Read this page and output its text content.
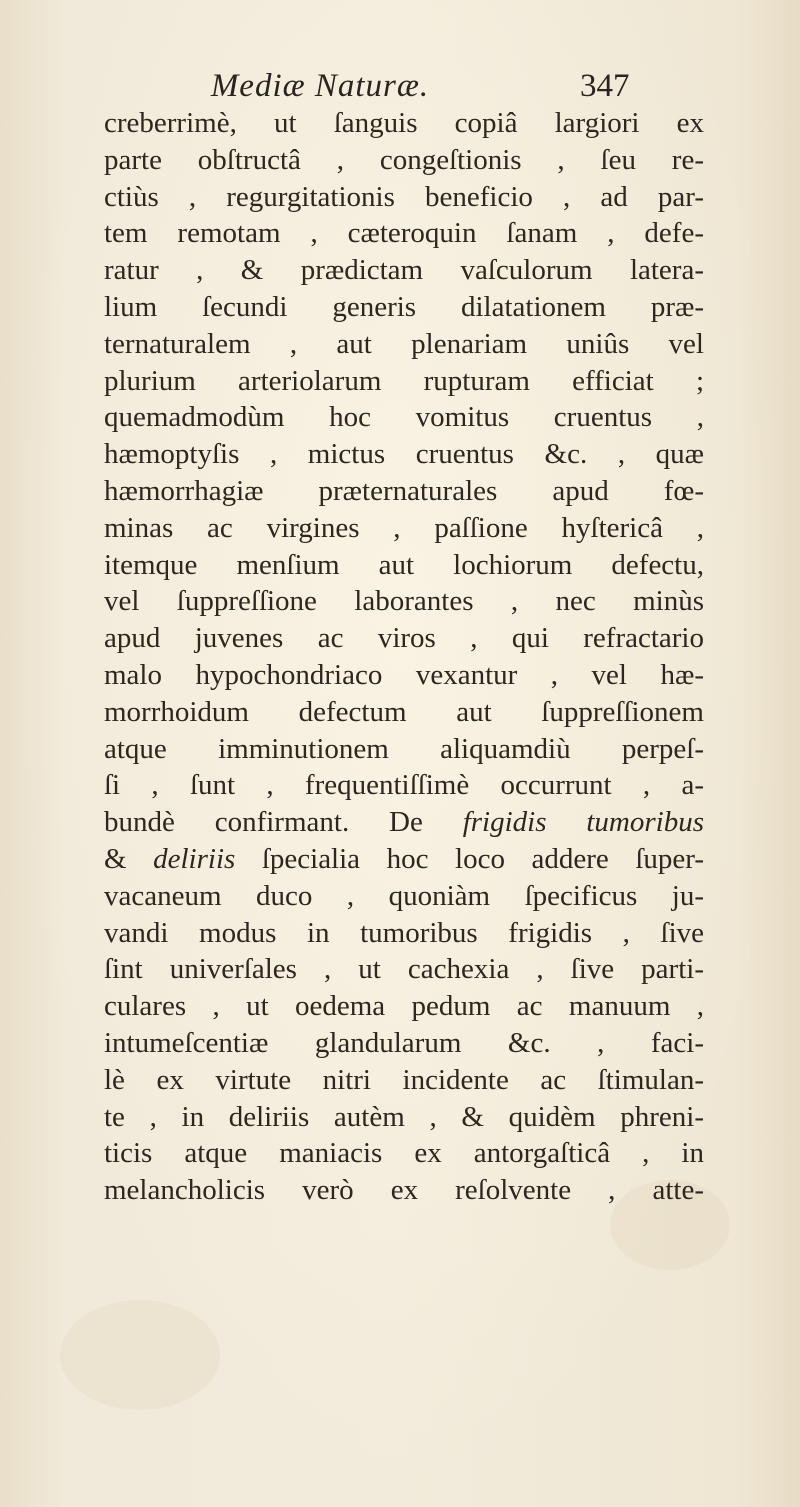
Mediæ Naturæ.	347
creberrimè, ut ſanguis copiâ largiori ex
parte obſtructâ , congeſtionis , ſeu re-
ctiùs , regurgitationis beneficio , ad par-
tem remotam , cæteroquin ſanam , defe-
ratur , & prædictam vaſculorum latera-
lium ſecundi generis dilatationem præ-
ternaturalem , aut plenariam uniûs vel
plurium arteriolarum rupturam efficiat ;
quemadmodùm hoc vomitus cruentus ,
hæmoptyſis , mictus cruentus &c. , quæ
hæmorrhagiæ præternaturales apud fœ-
minas ac virgines , paſſione hyſtericâ ,
itemque menſium aut lochiorum defectu,
vel ſuppreſſione laborantes , nec minùs
apud juvenes ac viros , qui refractario
malo hypochondriaco vexantur , vel hæ-
morrhoidum defectum aut ſuppreſſionem
atque imminutionem aliquamdiù perpeſ-
ſi , ſunt , frequentiſſimè occurrunt , a-
bundè confirmant. De frigidis tumoribus
& deliriis ſpecialia hoc loco addere ſuper-
vacaneum duco , quoniàm ſpecificus ju-
vandi modus in tumoribus frigidis , ſive
ſint univerſales , ut cachexia , ſive parti-
culares , ut oedema pedum ac manuum ,
intumeſcentiæ glandularum &c. , faci-
lè ex virtute nitri incidente ac ſtimulan-
te , in deliriis autèm , & quidèm phreni-
ticis atque maniacis ex antorgaſticâ , in
melancholicis verò ex reſolvente , atte-
